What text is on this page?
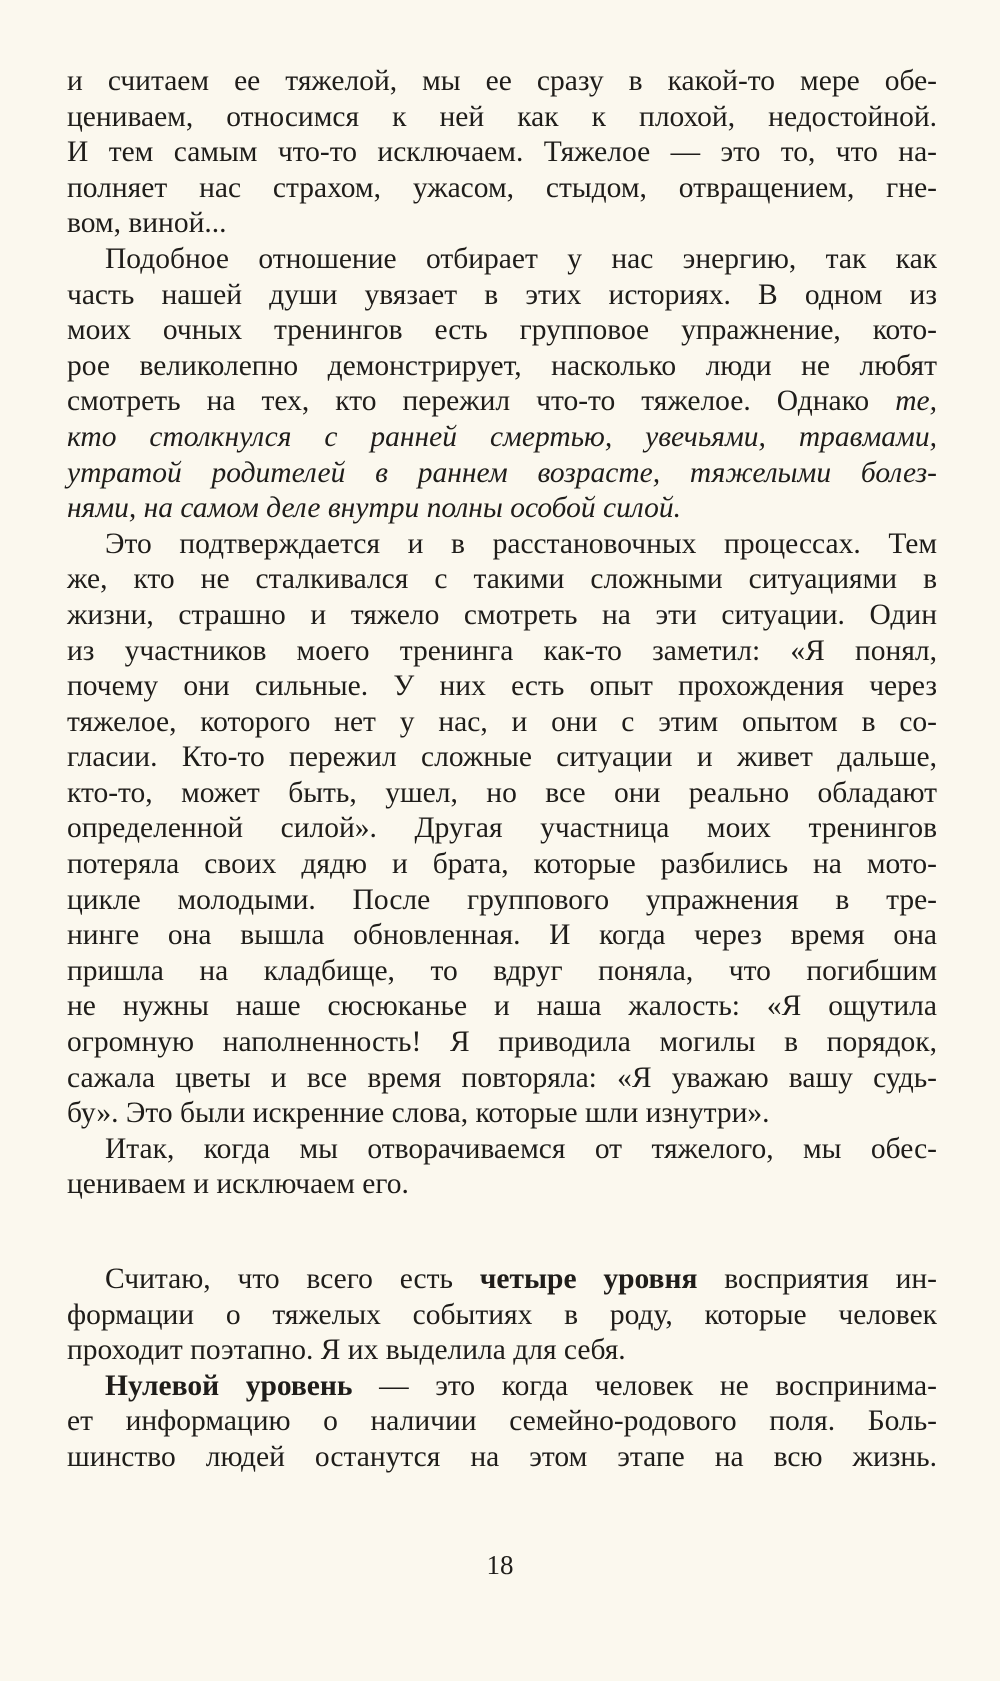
и считаем ее тяжелой, мы ее сразу в какой-то мере обе-
цениваем, относимся к ней как к плохой, недостойной.
И тем самым что-то исключаем. Тяжелое — это то, что на-
полняет нас страхом, ужасом, стыдом, отвращением, гне-
вом, виной...
Подобное отношение отбирает у нас энергию, так как
часть нашей души увязает в этих историях. В одном из
моих очных тренингов есть групповое упражнение, кото-
рое великолепно демонстрирует, насколько люди не любят
смотреть на тех, кто пережил что-то тяжелое. Однако те,
кто столкнулся с ранней смертью, увечьями, травмами,
утратой родителей в раннем возрасте, тяжелыми болез-
нями, на самом деле внутри полны особой силой.
Это подтверждается и в расстановочных процессах. Тем
же, кто не сталкивался с такими сложными ситуациями в
жизни, страшно и тяжело смотреть на эти ситуации. Один
из участников моего тренинга как-то заметил: «Я понял,
почему они сильные. У них есть опыт прохождения через
тяжелое, которого нет у нас, и они с этим опытом в со-
гласии. Кто-то пережил сложные ситуации и живет дальше,
кто-то, может быть, ушел, но все они реально обладают
определенной силой». Другая участница моих тренингов
потеряла своих дядю и брата, которые разбились на мото-
цикле молодыми. После группового упражнения в тре-
нинге она вышла обновленная. И когда через время она
пришла на кладбище, то вдруг поняла, что погибшим
не нужны наше сюсюканье и наша жалость: «Я ощутила
огромную наполненность! Я приводила могилы в порядок,
сажала цветы и все время повторяла: «Я уважаю вашу судь-
бу». Это были искренние слова, которые шли изнутри».
Итак, когда мы отворачиваемся от тяжелого, мы обес-
цениваем и исключаем его.
Считаю, что всего есть четыре уровня восприятия ин-
формации о тяжелых событиях в роду, которые человек
проходит поэтапно. Я их выделила для себя.
Нулевой уровень — это когда человек не воспринима-
ет информацию о наличии семейно-родового поля. Боль-
шинство людей останутся на этом этапе на всю жизнь.
18
